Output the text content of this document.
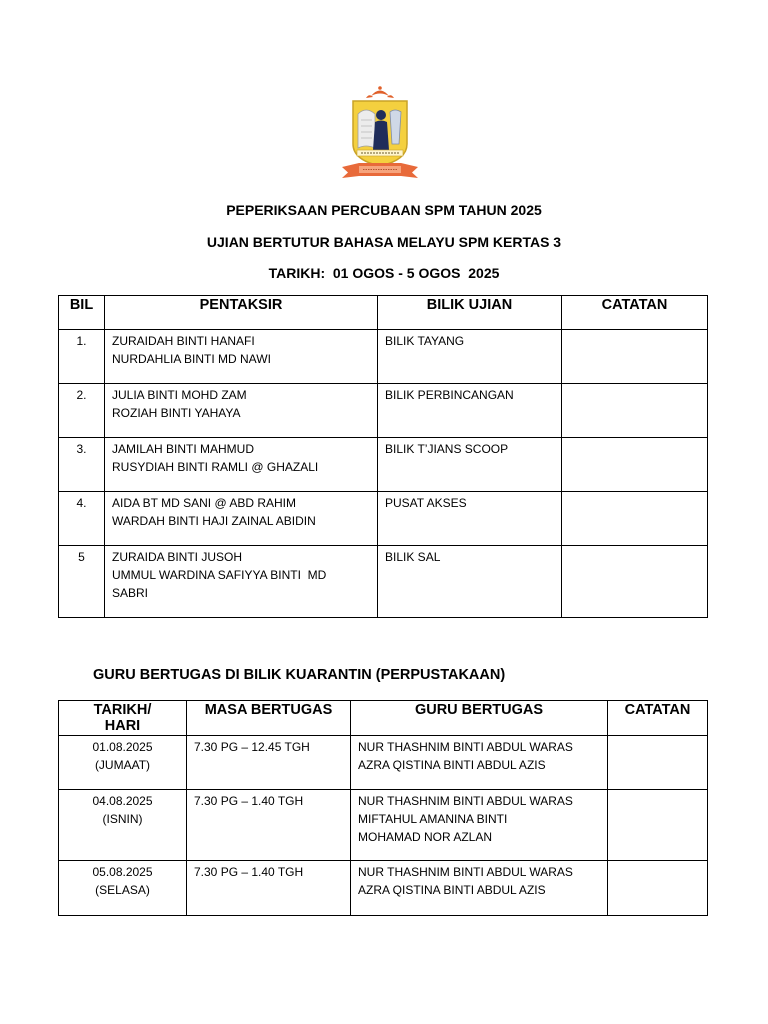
PEPERIKSAAN PERCUBAAN SPM TAHUN 2025
UJIAN BERTUTUR BAHASA MELAYU SPM KERTAS 3
TARIKH:  01 OGOS - 5 OGOS  2025
BIL	PENTAKSIR	BILIK UJIAN	CATATAN
1.	ZURAIDAH BINTI HANAFI
NURDAHLIA BINTI MD NAWI	BILIK TAYANG	
2.	JULIA BINTI MOHD ZAM
ROZIAH BINTI YAHAYA	BILIK PERBINCANGAN	
3.	JAMILAH BINTI MAHMUD
RUSYDIAH BINTI RAMLI @ GHAZALI	BILIK T’JIANS SCOOP	
4.	AIDA BT MD SANI @ ABD RAHIM
WARDAH BINTI HAJI ZAINAL ABIDIN	PUSAT AKSES	
5	ZURAIDA BINTI JUSOH
UMMUL WARDINA SAFIYYA BINTI  MD
SABRI	BILIK SAL	
GURU BERTUGAS DI BILIK KUARANTIN (PERPUSTAKAAN)
TARIKH/
HARI	MASA BERTUGAS	GURU BERTUGAS	CATATAN

01.08.2025
(JUMAAT)	7.30 PG – 12.45 TGH	NUR THASHNIM BINTI ABDUL WARAS
AZRA QISTINA BINTI ABDUL AZIS	

04.08.2025
(ISNIN)	7.30 PG – 1.40 TGH	NUR THASHNIM BINTI ABDUL WARAS
MIFTAHUL AMANINA BINTI
MOHAMAD NOR AZLAN	

05.08.2025
(SELASA)	7.30 PG – 1.40 TGH	NUR THASHNIM BINTI ABDUL WARAS
AZRA QISTINA BINTI ABDUL AZIS	
